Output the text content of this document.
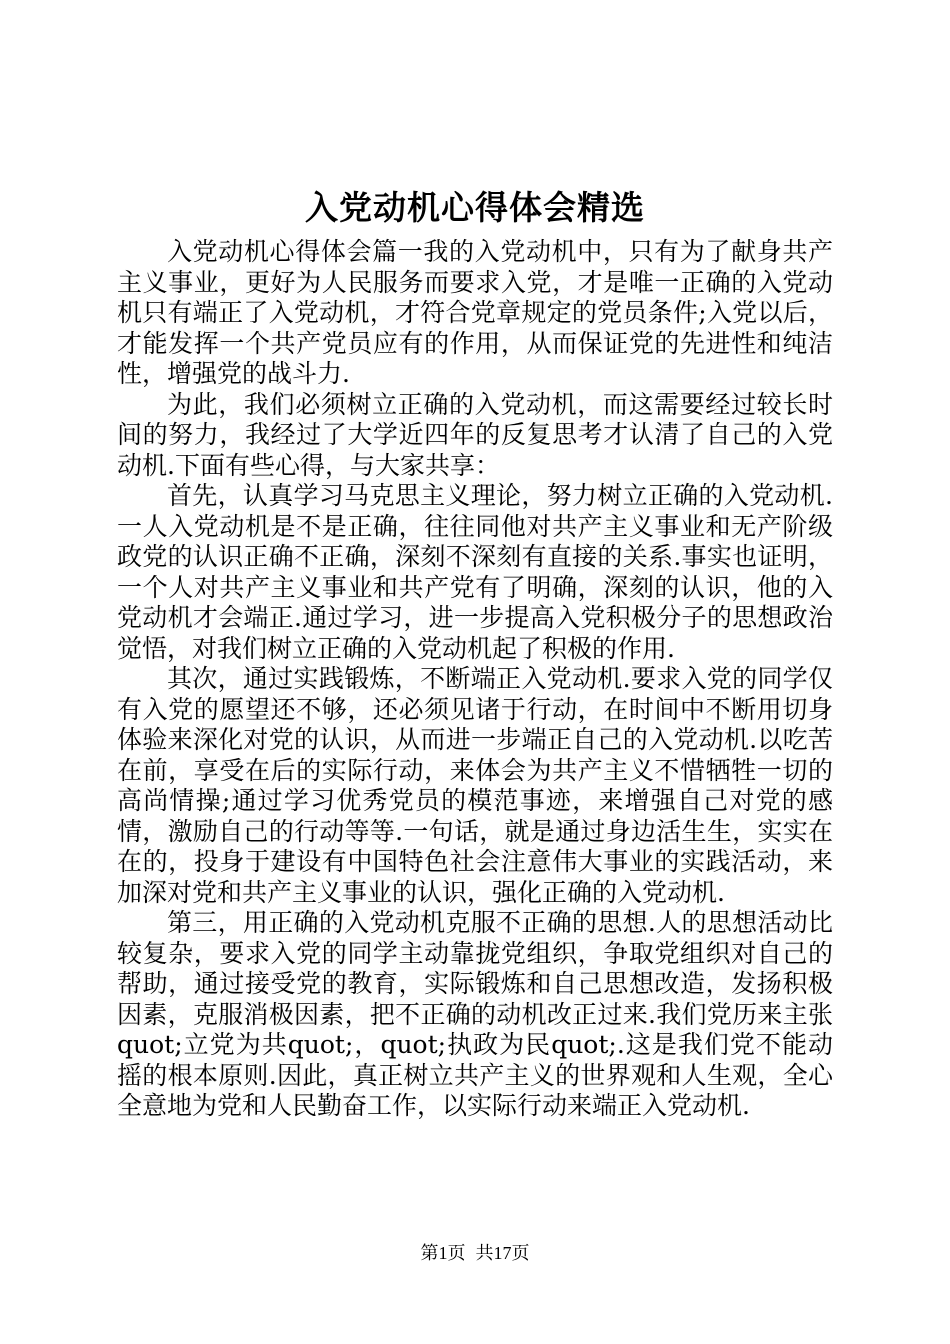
入党动机心得体会精选

入党动机心得体会篇一我的入党动机中，只有为了献身共产主义事业，更好为人民服务而要求入党，才是唯一正确的入党动机只有端正了入党动机，才符合党章规定的党员条件;入党以后，才能发挥一个共产党员应有的作用，从而保证党的先进性和纯洁性，增强党的战斗力.

为此，我们必须树立正确的入党动机，而这需要经过较长时间的努力，我经过了大学近四年的反复思考才认清了自己的入党动机.下面有些心得，与大家共享：

首先，认真学习马克思主义理论，努力树立正确的入党动机.一人入党动机是不是正确，往往同他对共产主义事业和无产阶级政党的认识正确不正确，深刻不深刻有直接的关系.事实也证明，一个人对共产主义事业和共产党有了明确，深刻的认识，他的入党动机才会端正.通过学习，进一步提高入党积极分子的思想政治觉悟，对我们树立正确的入党动机起了积极的作用.

其次，通过实践锻炼，不断端正入党动机.要求入党的同学仅有入党的愿望还不够，还必须见诸于行动，在时间中不断用切身体验来深化对党的认识，从而进一步端正自己的入党动机.以吃苦在前，享受在后的实际行动，来体会为共产主义不惜牺牲一切的高尚情操;通过学习优秀党员的模范事迹，来增强自己对党的感情，激励自己的行动等等.一句话，就是通过身边活生生，实实在在的，投身于建设有中国特色社会注意伟大事业的实践活动，来加深对党和共产主义事业的认识，强化正确的入党动机.

第三，用正确的入党动机克服不正确的思想.人的思想活动比较复杂，要求入党的同学主动靠拢党组织，争取党组织对自己的帮助，通过接受党的教育，实际锻炼和自己思想改造，发扬积极因素，克服消极因素，把不正确的动机改正过来.我们党历来主张quot;立党为共quot;，quot;执政为民quot;.这是我们党不能动摇的根本原则.因此，真正树立共产主义的世界观和人生观，全心全意地为党和人民勤奋工作，以实际行动来端正入党动机.

第1页 共17页
